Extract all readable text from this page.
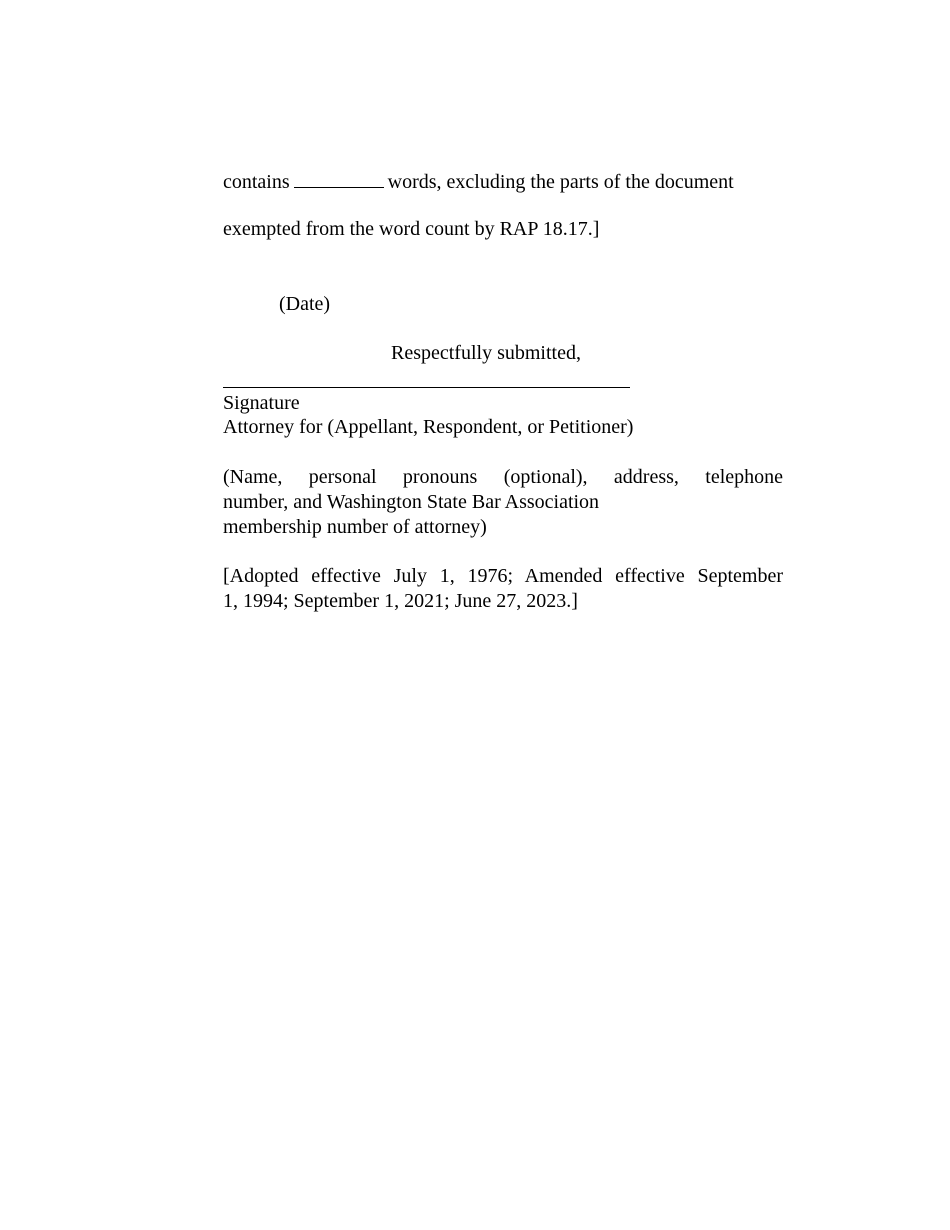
contains	words, excluding the parts of the document
exempted from the word count by RAP 18.17.]
(Date)
Respectfully submitted,
Signature
Attorney for (Appellant, Respondent, or Petitioner)
(Name, personal pronouns (optional), address, telephone
number, and Washington State Bar Association
membership number of attorney)
[Adopted effective July 1, 1976; Amended effective September
1, 1994; September 1, 2021; June 27, 2023.]
